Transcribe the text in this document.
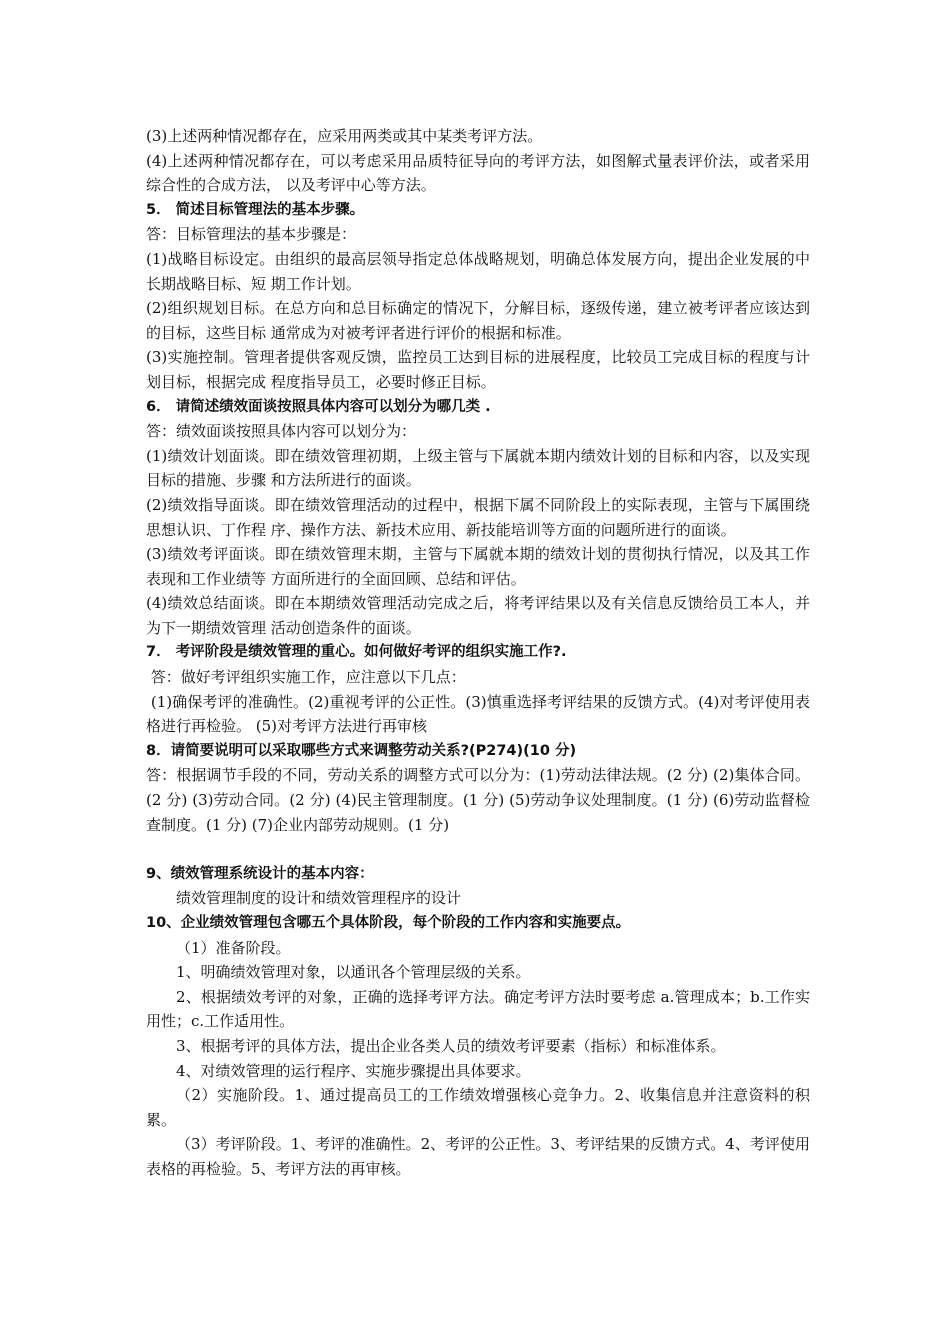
(3)上述两种情况都存在，应采用两类或其中某类考评方法。

(4)上述两种情况都存在，可以考虑采用品质特征导向的考评方法，如图解式量表评价法，或者采用综合性的合成方法， 以及考评中心等方法。

5． 简述目标管理法的基本步骤。

答：目标管理法的基本步骤是：

(1)战略目标设定。由组织的最高层领导指定总体战略规划，明确总体发展方向，提出企业发展的中长期战略目标、短 期工作计划。

(2)组织规划目标。在总方向和总目标确定的情况下，分解目标，逐级传递，建立被考评者应该达到的目标，这些目标 通常成为对被考评者进行评价的根据和标准。

(3)实施控制。管理者提供客观反馈，监控员工达到目标的进展程度，比较员工完成目标的程度与计划目标，根据完成 程度指导员工，必要时修正目标。

6． 请简述绩效面谈按照具体内容可以划分为哪几类 .

答：绩效面谈按照具体内容可以划分为：

(1)绩效计划面谈。即在绩效管理初期，上级主管与下属就本期内绩效计划的目标和内容，以及实现目标的措施、步骤 和方法所进行的面谈。

(2)绩效指导面谈。即在绩效管理活动的过程中，根据下属不同阶段上的实际表现，主管与下属围绕思想认识、丁作程 序、操作方法、新技术应用、新技能培训等方面的问题所进行的面谈。

(3)绩效考评面谈。即在绩效管理末期，主管与下属就本期的绩效计划的贯彻执行情况，以及其工作表现和工作业绩等 方面所进行的全面回顾、总结和评估。

(4)绩效总结面谈。即在本期绩效管理活动完成之后，将考评结果以及有关信息反馈给员工本人，并为下一期绩效管理 活动创造条件的面谈。

7． 考评阶段是绩效管理的重心。如何做好考评的组织实施工作?.

答：做好考评组织实施工作，应注意以下几点：

(1)确保考评的准确性。(2)重视考评的公正性。(3)慎重选择考评结果的反馈方式。(4)对考评使用表格进行再检验。 (5)对考评方法进行再审核

8．请简要说明可以采取哪些方式来调整劳动关系?(P274)(10 分)

答：根据调节手段的不同，劳动关系的调整方式可以分为：(1)劳动法律法规。(2 分) (2)集体合同。(2 分) (3)劳动合同。(2 分) (4)民主管理制度。(1 分) (5)劳动争议处理制度。(1 分) (6)劳动监督检查制度。(1 分) (7)企业内部劳动规则。(1 分)

9、绩效管理系统设计的基本内容：

绩效管理制度的设计和绩效管理程序的设计

10、企业绩效管理包含哪五个具体阶段，每个阶段的工作内容和实施要点。

（1）准备阶段。

1、明确绩效管理对象，以通讯各个管理层级的关系。

2、根据绩效考评的对象，正确的选择考评方法。确定考评方法时要考虑 a.管理成本；b.工作实用性；c.工作适用性。

3、根据考评的具体方法，提出企业各类人员的绩效考评要素（指标）和标准体系。

4、对绩效管理的运行程序、实施步骤提出具体要求。

（2）实施阶段。1、通过提高员工的工作绩效增强核心竞争力。2、收集信息并注意资料的积累。

（3）考评阶段。1、考评的准确性。2、考评的公正性。3、考评结果的反馈方式。4、考评使用表格的再检验。5、考评方法的再审核。
